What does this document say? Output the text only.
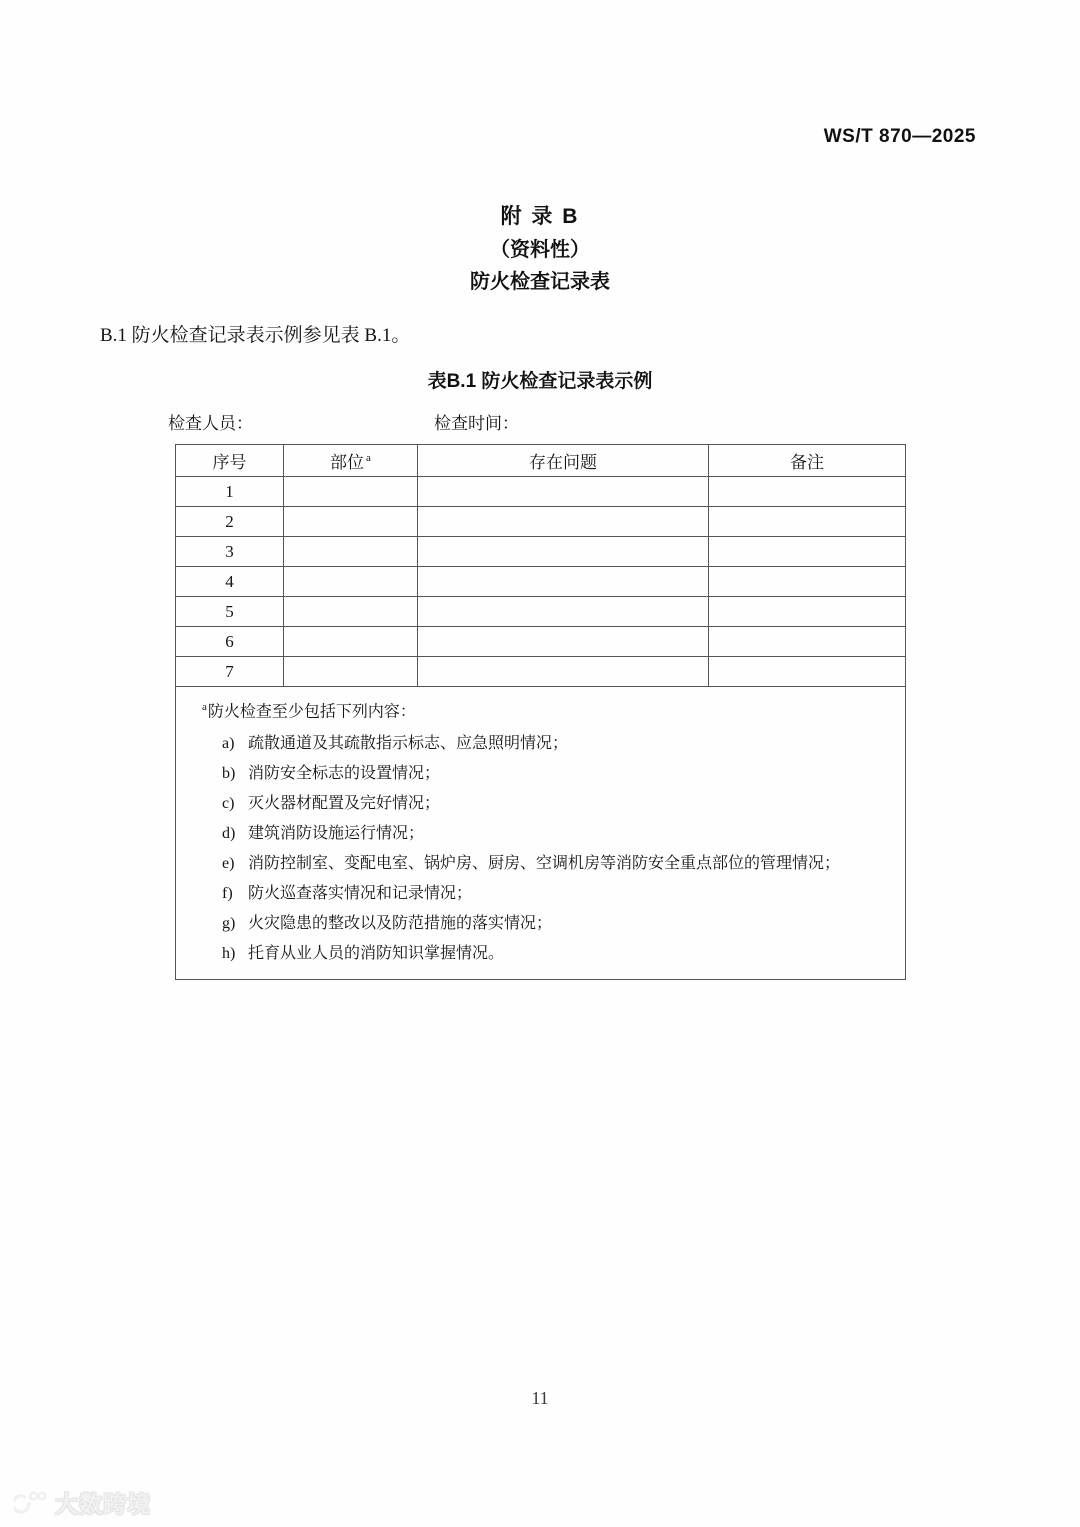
WS/T 870—2025
附 录 B
（资料性）
防火检查记录表
B.1 防火检查记录表示例参见表 B.1。
表B.1 防火检查记录表示例
检查人员：	检查时间：
序号	部位 $^a$	存在问题	备注
1			
2			
3			
4			
5			
6			
7			

$^a$防火检查至少包括下列内容：

a) 疏散通道及其疏散指示标志、应急照明情况；
b) 消防安全标志的设置情况；
c) 灭火器材配置及完好情况；
d) 建筑消防设施运行情况；
e) 消防控制室、变配电室、锅炉房、厨房、空调机房等消防安全重点部位的管理情况；
f) 防火巡查落实情况和记录情况；
g) 火灾隐患的整改以及防范措施的落实情况；
h) 托育从业人员的消防知识掌握情况。
11
大数跨境
